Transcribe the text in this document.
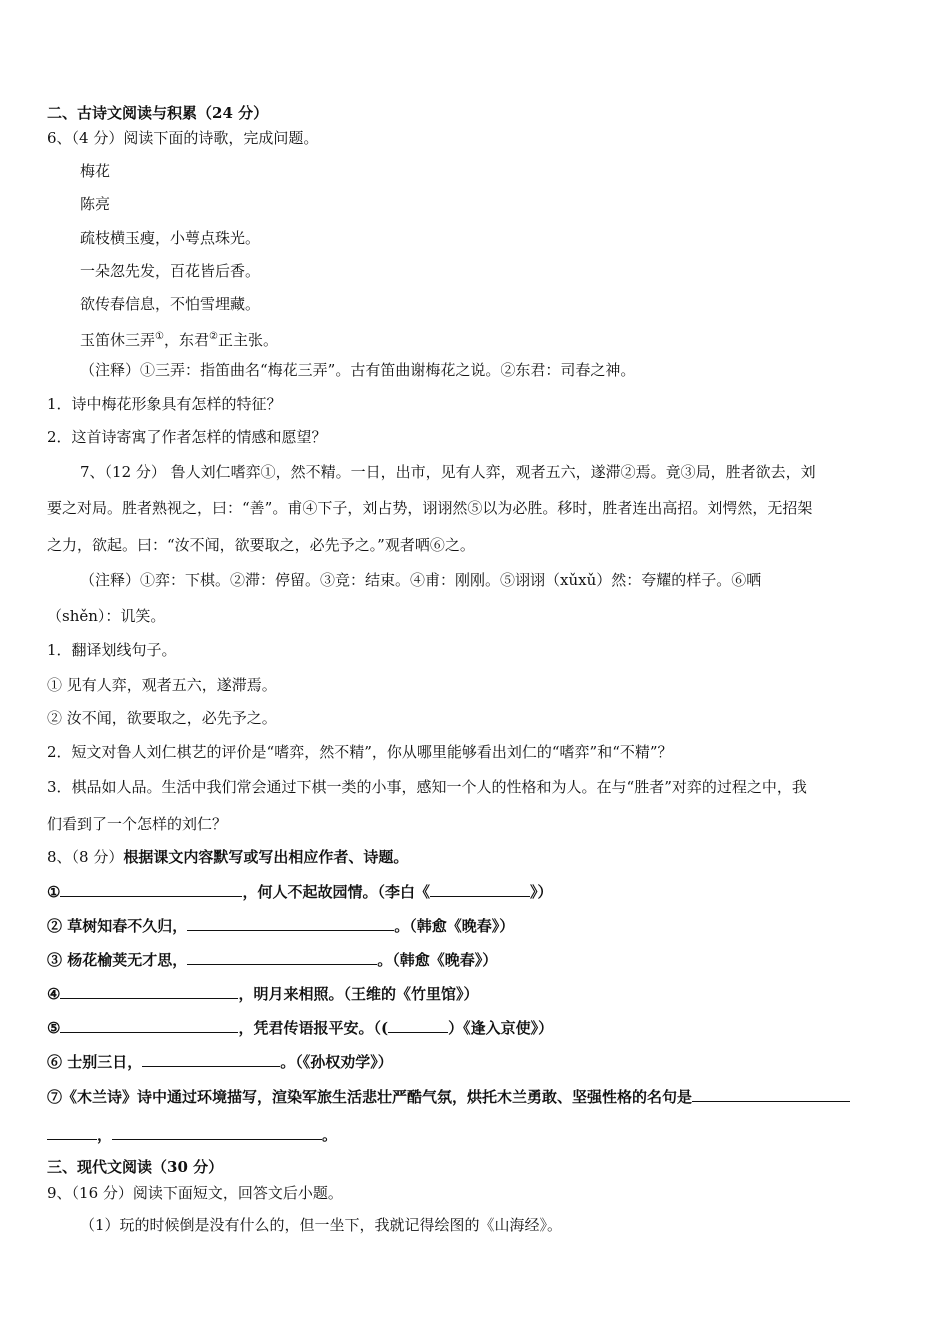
二、古诗文阅读与积累（24 分）
6、（4 分）阅读下面的诗歌，完成问题。
梅花
陈亮
疏枝横玉瘦，小萼点珠光。
一朵忽先发，百花皆后香。
欲传春信息，不怕雪埋藏。
玉笛休三弄①，东君②正主张。
（注释）①三弄：指笛曲名“梅花三弄”。古有笛曲谢梅花之说。②东君：司春之神。
1．诗中梅花形象具有怎样的特征？
2．这首诗寄寓了作者怎样的情感和愿望？
7、（12 分） 鲁人刘仁嗜弈①，然不精。一日，出市，见有人弈，观者五六，遂滞②焉。竟③局，胜者欲去，刘
要之对局。胜者熟视之，曰：“善”。甫④下子，刘占势，诩诩然⑤以为必胜。移时，胜者连出高招。刘愕然，无招架
之力，欲起。曰：“汝不闻，欲要取之，必先予之。”观者哂⑥之。
（注释）①弈：下棋。②滞：停留。③竞：结束。④甫：刚刚。⑤诩诩（xǔxǔ）然：夸耀的样子。⑥哂
（shěn）：讥笑。
1．翻译划线句子。
① 见有人弈，观者五六，遂滞焉。
② 汝不闻，欲要取之，必先予之。
2．短文对鲁人刘仁棋艺的评价是“嗜弈，然不精”，你从哪里能够看出刘仁的“嗜弈”和“不精”？
3．棋品如人品。生活中我们常会通过下棋一类的小事，感知一个人的性格和为人。在与“胜者”对弈的过程之中，我
们看到了一个怎样的刘仁？
8、（8 分）根据课文内容默写或写出相应作者、诗题。
①	，何人不起故园情。（李白《	》）
② 草树知春不久归，	。（韩愈《晚春》）
③ 杨花榆荚无才思，	。（韩愈《晚春》）
④	，明月来相照。（王维的《竹里馆》）
⑤	，凭君传语报平安。（(	）《逢入京使》）
⑥ 士别三日，	。（《孙权劝学》）
⑦《木兰诗》诗中通过环境描写，渲染军旅生活悲壮严酷气氛，烘托木兰勇敢、坚强性格的名句是
，	。
三、现代文阅读（30 分）
9、（16 分）阅读下面短文，回答文后小题。
（1）玩的时候倒是没有什么的，但一坐下，我就记得绘图的《山海经》。
